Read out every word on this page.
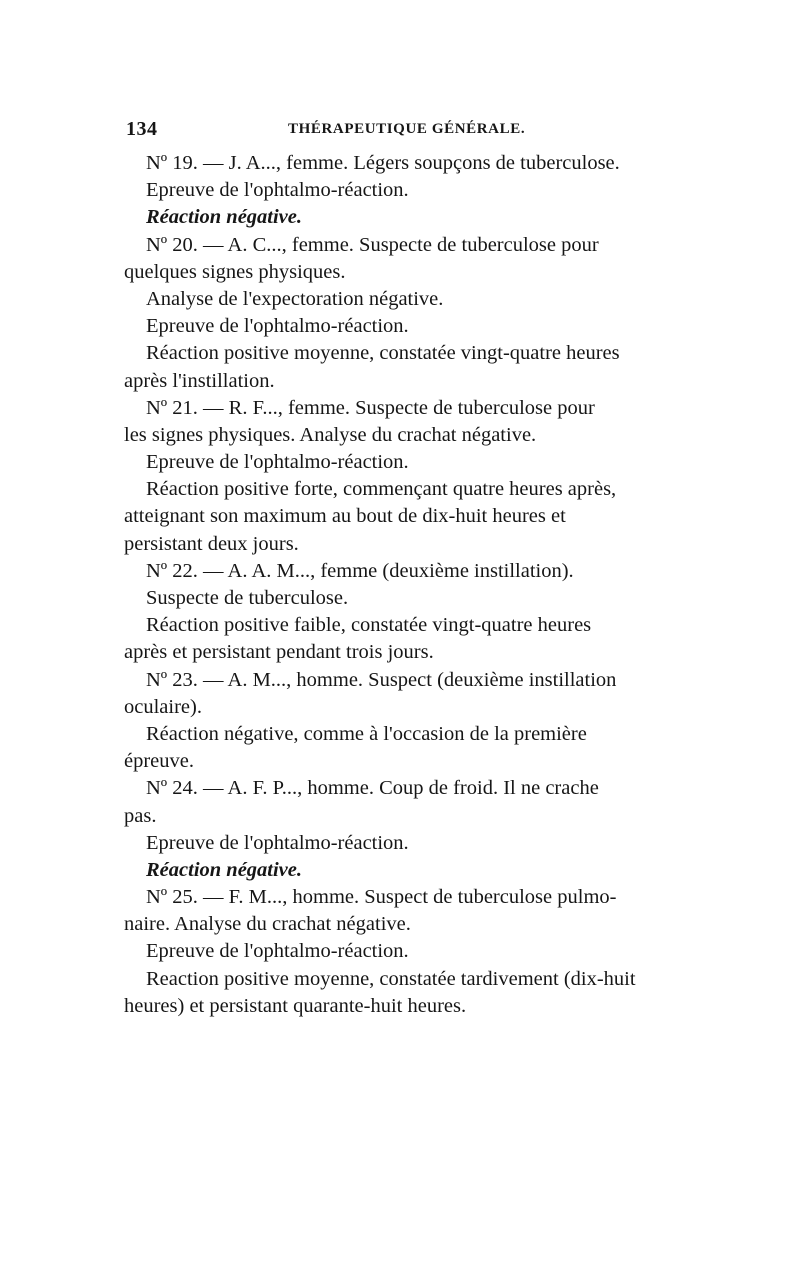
134	THÉRAPEUTIQUE GÉNÉRALE.
Nº 19. — J. A..., femme. Légers soupçons de tuberculose.
Epreuve de l'ophtalmo-réaction.
Réaction négative.
Nº 20. — A. C..., femme. Suspecte de tuberculose pour
quelques signes physiques.
Analyse de l'expectoration négative.
Epreuve de l'ophtalmo-réaction.
Réaction positive moyenne, constatée vingt-quatre heures
après l'instillation.
Nº 21. — R. F..., femme. Suspecte de tuberculose pour
les signes physiques. Analyse du crachat négative.
Epreuve de l'ophtalmo-réaction.
Réaction positive forte, commençant quatre heures après,
atteignant son maximum au bout de dix-huit heures et
persistant deux jours.
Nº 22. — A. A. M..., femme (deuxième instillation).
Suspecte de tuberculose.
Réaction positive faible, constatée vingt-quatre heures
après et persistant pendant trois jours.
Nº 23. — A. M..., homme. Suspect (deuxième instillation
oculaire).
Réaction négative, comme à l'occasion de la première
épreuve.
Nº 24. — A. F. P..., homme. Coup de froid. Il ne crache
pas.
Epreuve de l'ophtalmo-réaction.
Réaction négative.
Nº 25. — F. M..., homme. Suspect de tuberculose pulmo-
naire. Analyse du crachat négative.
Epreuve de l'ophtalmo-réaction.
Reaction positive moyenne, constatée tardivement (dix-huit
heures) et persistant quarante-huit heures.
